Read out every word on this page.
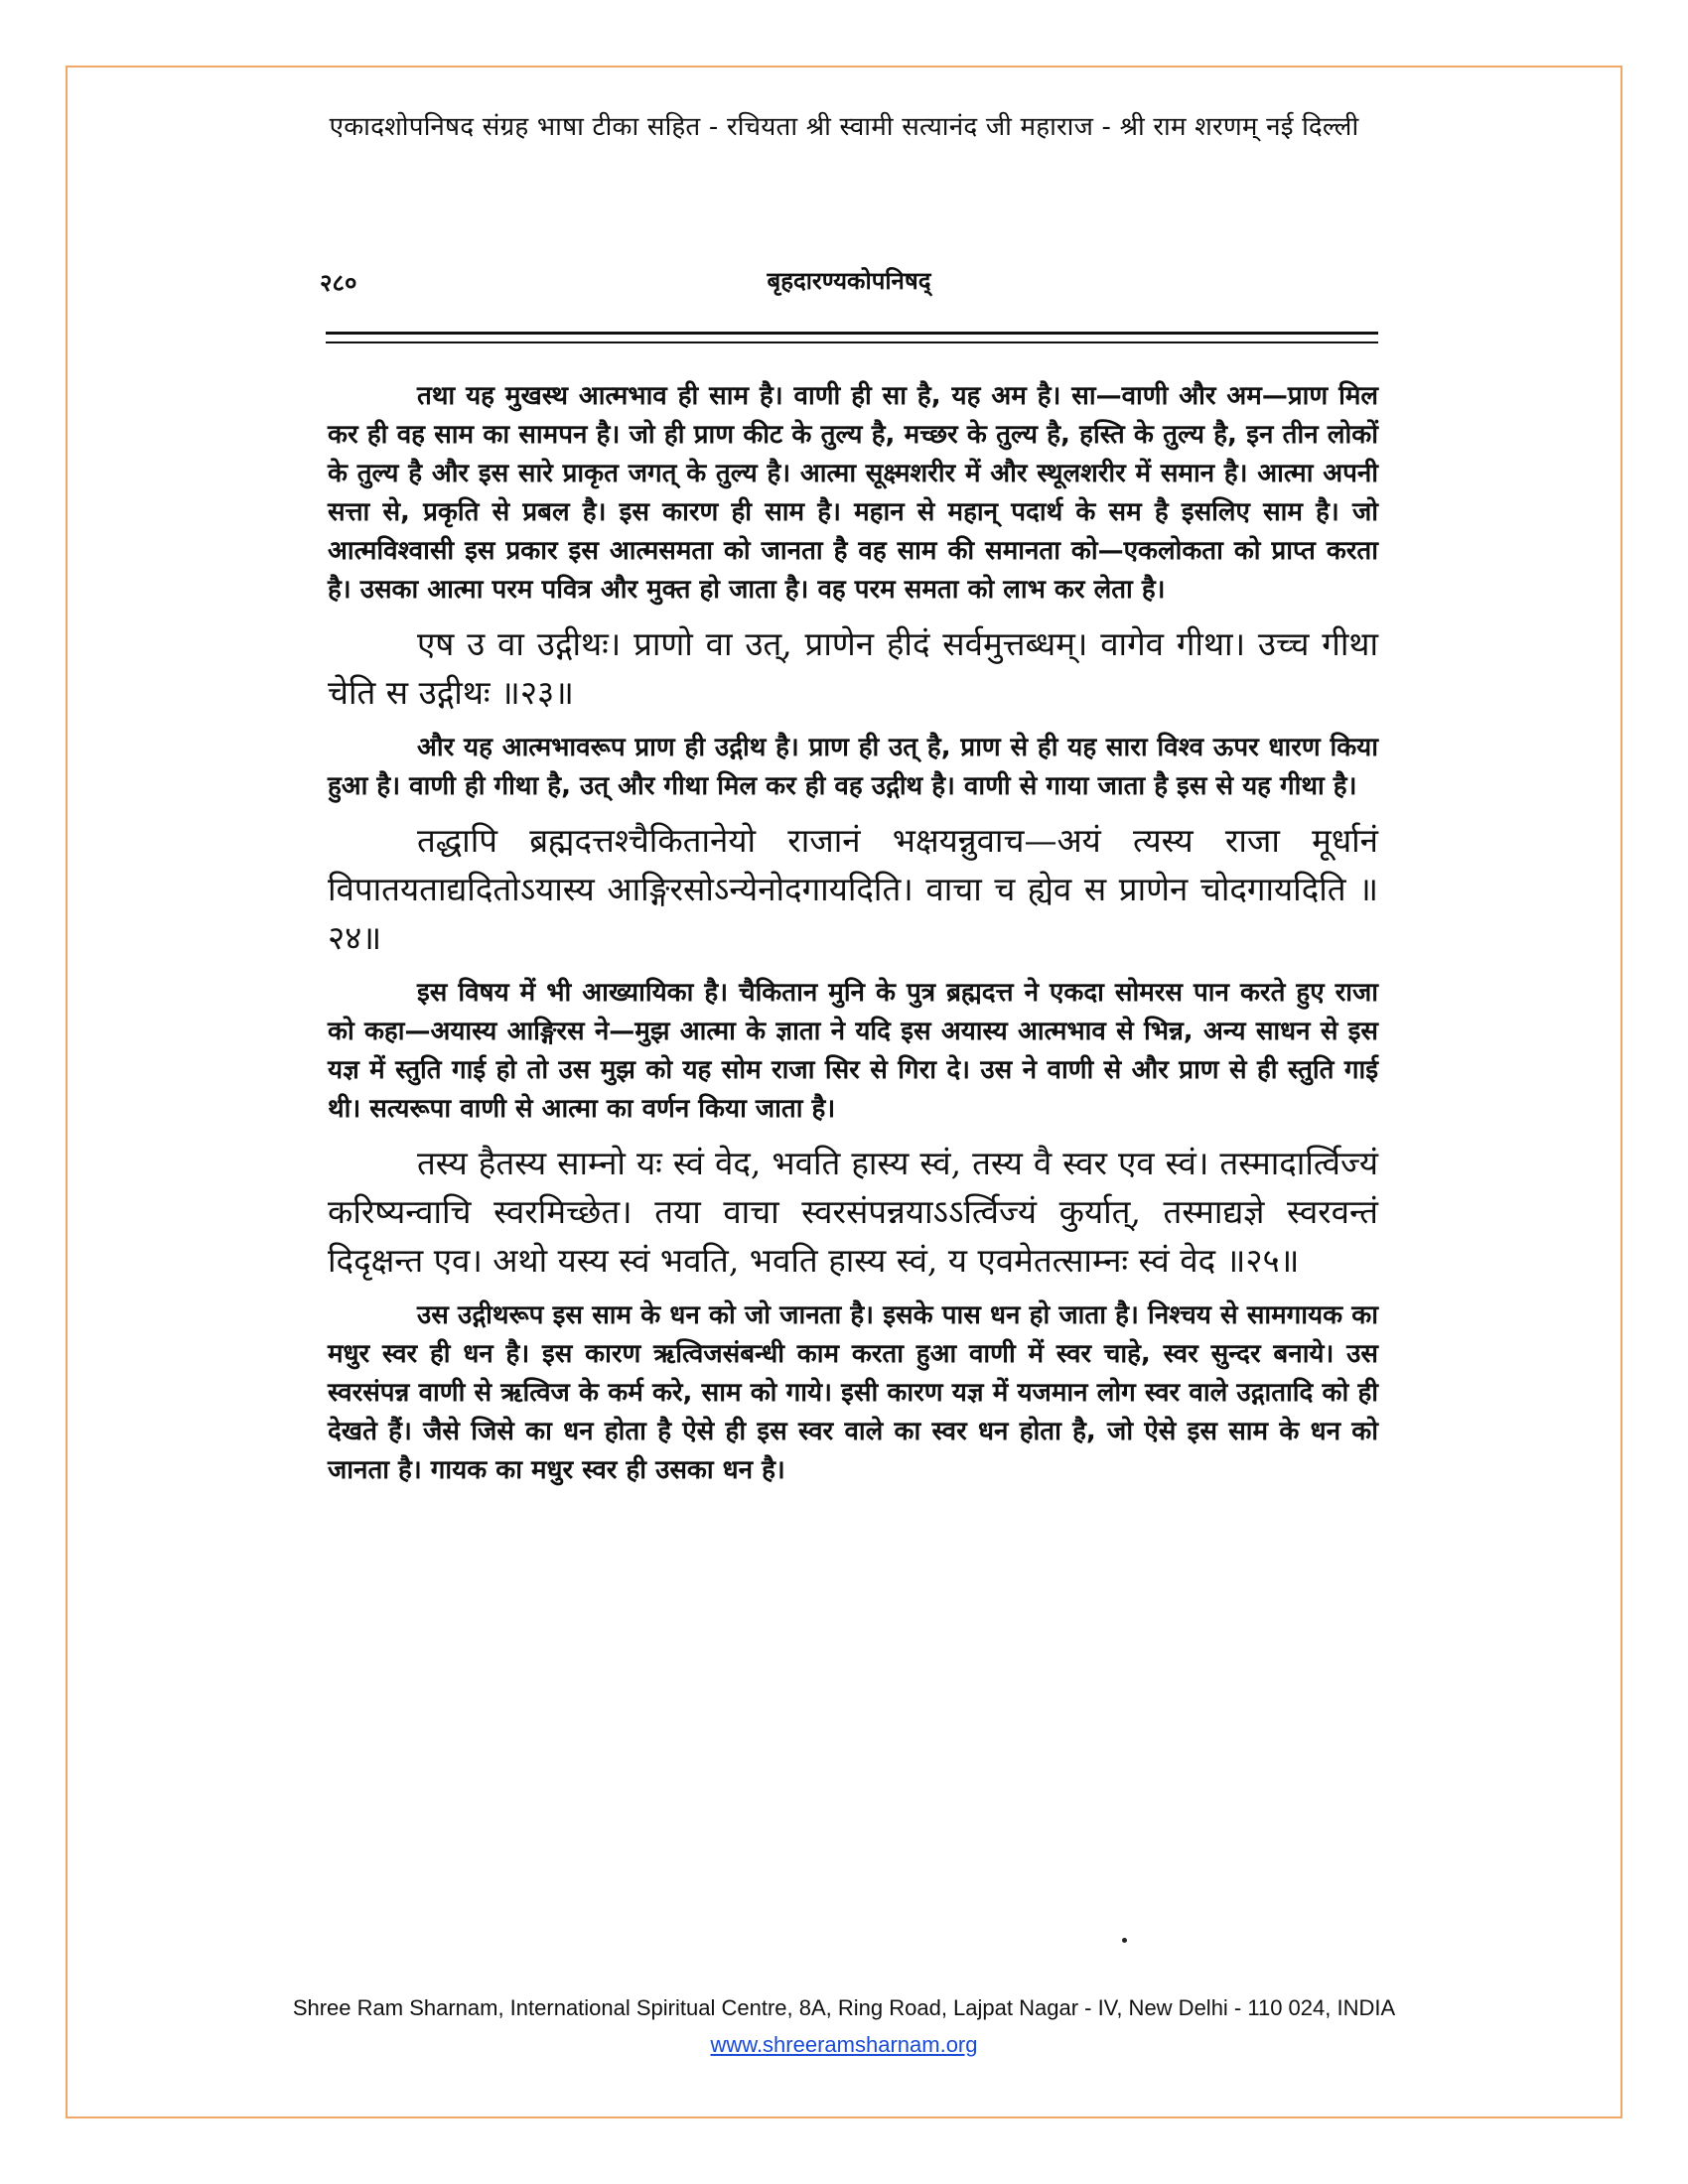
एकादशोपनिषद संग्रह भाषा टीका सहित - रचियता श्री स्वामी सत्यानंद जी महाराज - श्री राम शरणम् नई दिल्ली
२८०	बृहदारण्यकोपनिषद्

तथा यह मुखस्थ आत्मभाव ही साम है। वाणी ही सा है, यह अम है। सा—वाणी और अम—प्राण मिल कर ही वह साम का सामपन है। जो ही प्राण कीट के तुल्य है, मच्छर के तुल्य है, हस्ति के तुल्य है, इन तीन लोकों के तुल्य है और इस सारे प्राकृत जगत् के तुल्य है। आत्मा सूक्ष्मशरीर में और स्थूलशरीर में समान है। आत्मा अपनी सत्ता से, प्रकृति से प्रबल है। इस कारण ही साम है। महान से महान् पदार्थ के सम है इसलिए साम है। जो आत्मविश्वासी इस प्रकार इस आत्मसमता को जानता है वह साम की समानता को—एकलोकता को प्राप्त करता है। उसका आत्मा परम पवित्र और मुक्त हो जाता है। वह परम समता को लाभ कर लेता है।

एष उ वा उद्गीथः। प्राणो वा उत्, प्राणेन हीदं सर्वमुत्तब्धम्। वागेव गीथा। उच्च गीथा चेति स उद्गीथः ॥२३॥

और यह आत्मभावरूप प्राण ही उद्गीथ है। प्राण ही उत् है, प्राण से ही यह सारा विश्व ऊपर धारण किया हुआ है। वाणी ही गीथा है, उत् और गीथा मिल कर ही वह उद्गीथ है। वाणी से गाया जाता है इस से यह गीथा है।

तद्धापि ब्रह्मदत्तश्चैकितानेयो राजानं भक्षयन्नुवाच—अयं त्यस्य राजा मूर्धानं विपातयताद्यदितोऽयास्य आङ्गिरसोऽन्येनोदगायदिति। वाचा च ह्येव स प्राणेन चोदगायदिति ॥२४॥

इस विषय में भी आख्यायिका है। चैकितान मुनि के पुत्र ब्रह्मदत्त ने एकदा सोमरस पान करते हुए राजा को कहा—अयास्य आङ्गिरस ने—मुझ आत्मा के ज्ञाता ने यदि इस अयास्य आत्मभाव से भिन्न, अन्य साधन से इस यज्ञ में स्तुति गाई हो तो उस मुझ को यह सोम राजा सिर से गिरा दे। उस ने वाणी से और प्राण से ही स्तुति गाई थी। सत्यरूपा वाणी से आत्मा का वर्णन किया जाता है।

तस्य हैतस्य साम्नो यः स्वं वेद, भवति हास्य स्वं, तस्य वै स्वर एव स्वं। तस्मादार्त्विज्यं करिष्यन्वाचि स्वरमिच्छेत। तया वाचा स्वरसंपन्नयाऽऽर्त्विज्यं कुर्यात्, तस्माद्यज्ञे स्वरवन्तं दिदृक्षन्त एव। अथो यस्य स्वं भवति, भवति हास्य स्वं, य एवमेतत्साम्नः स्वं वेद ॥२५॥

उस उद्गीथरूप इस साम के धन को जो जानता है। इसके पास धन हो जाता है। निश्चय से सामगायक का मधुर स्वर ही धन है। इस कारण ऋत्विजसंबन्धी काम करता हुआ वाणी में स्वर चाहे, स्वर सुन्दर बनाये। उस स्वरसंपन्न वाणी से ऋत्विज के कर्म करे, साम को गाये। इसी कारण यज्ञ में यजमान लोग स्वर वाले उद्गातादि को ही देखते हैं। जैसे जिसे का धन होता है ऐसे ही इस स्वर वाले का स्वर धन होता है, जो ऐसे इस साम के धन को जानता है। गायक का मधुर स्वर ही उसका धन है।

Shree Ram Sharnam, International Spiritual Centre, 8A, Ring Road, Lajpat Nagar - IV, New Delhi - 110 024, INDIA
www.shreeramsharnam.org
